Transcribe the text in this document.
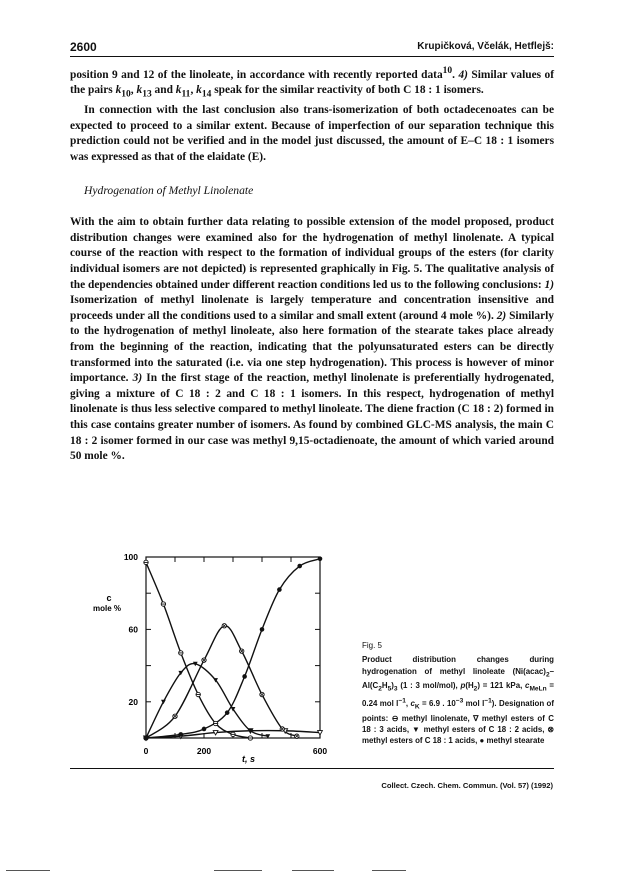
2600	Krupičková, Včelák, Hetflejš:

position 9 and 12 of the linoleate, in accordance with recently reported data$^{10}$. 4) Similar values of the pairs $k_{10}$, $k_{13}$ and $k_{11}$, $k_{14}$ speak for the similar reactivity of both C 18 : 1 isomers.

In connection with the last conclusion also trans-isomerization of both octadecenoates can be expected to proceed to a similar extent. Because of imperfection of our separation technique this prediction could not be verified and in the model just discussed, the amount of E–C 18 : 1 isomers was expressed as that of the elaidate (E).

Hydrogenation of Methyl Linolenate

With the aim to obtain further data relating to possible extension of the model proposed, product distribution changes were examined also for the hydrogenation of methyl linolenate. A typical course of the reaction with respect to the formation of individual groups of the esters (for clarity individual isomers are not depicted) is represented graphically in Fig. 5. The qualitative analysis of the dependencies obtained under different reaction conditions led us to the following conclusions: 1) Isomerization of methyl linolenate is largely temperature and concentration insensitive and proceeds under all the conditions used to a similar and small extent (around 4 mole %). 2) Similarly to the hydrogenation of methyl linoleate, also here formation of the stearate takes place already from the beginning of the reaction, indicating that the polyunsaturated esters can be directly transformed into the saturated (i.e. via one step hydrogenation). This process is however of minor importance. 3) In the first stage of the reaction, methyl linolenate is preferentially hydrogenated, giving a mixture of C 18 : 2 and C 18 : 1 isomers. In this respect, hydrogenation of methyl linolenate is thus less selective compared to methyl linoleate. The diene fraction (C 18 : 2) formed in this case contains greater number of isomers. As found by combined GLC-MS analysis, the main C 18 : 2 isomer formed in our case was methyl 9,15-octadienoate, the amount of which varied around 50 mole %.

100
60
20
0	200	600
c
mole %
t, s
Fig. 5
Product distribution changes during hydrogenation of methyl linoleate ($Ni(acac)_2-Al(C_2H_5)_3$ (1 : 3 mol/mol), $p(H_2) = 121$ kPa, $c_{MeLn} = 0.24$ mol $l^{-1}$, $c_K = 6.9$ . $10^{-3}$ mol $l^{-1}$). Designation of points: ⊖ methyl linolenate, ∇ methyl esters of C 18 : 3 acids, ▼ methyl esters of C 18 : 2 acids, ⊗ methyl esters of C 18 : 1 acids, ● methyl stearate
Collect. Czech. Chem. Commun. (Vol. 57) (1992)
